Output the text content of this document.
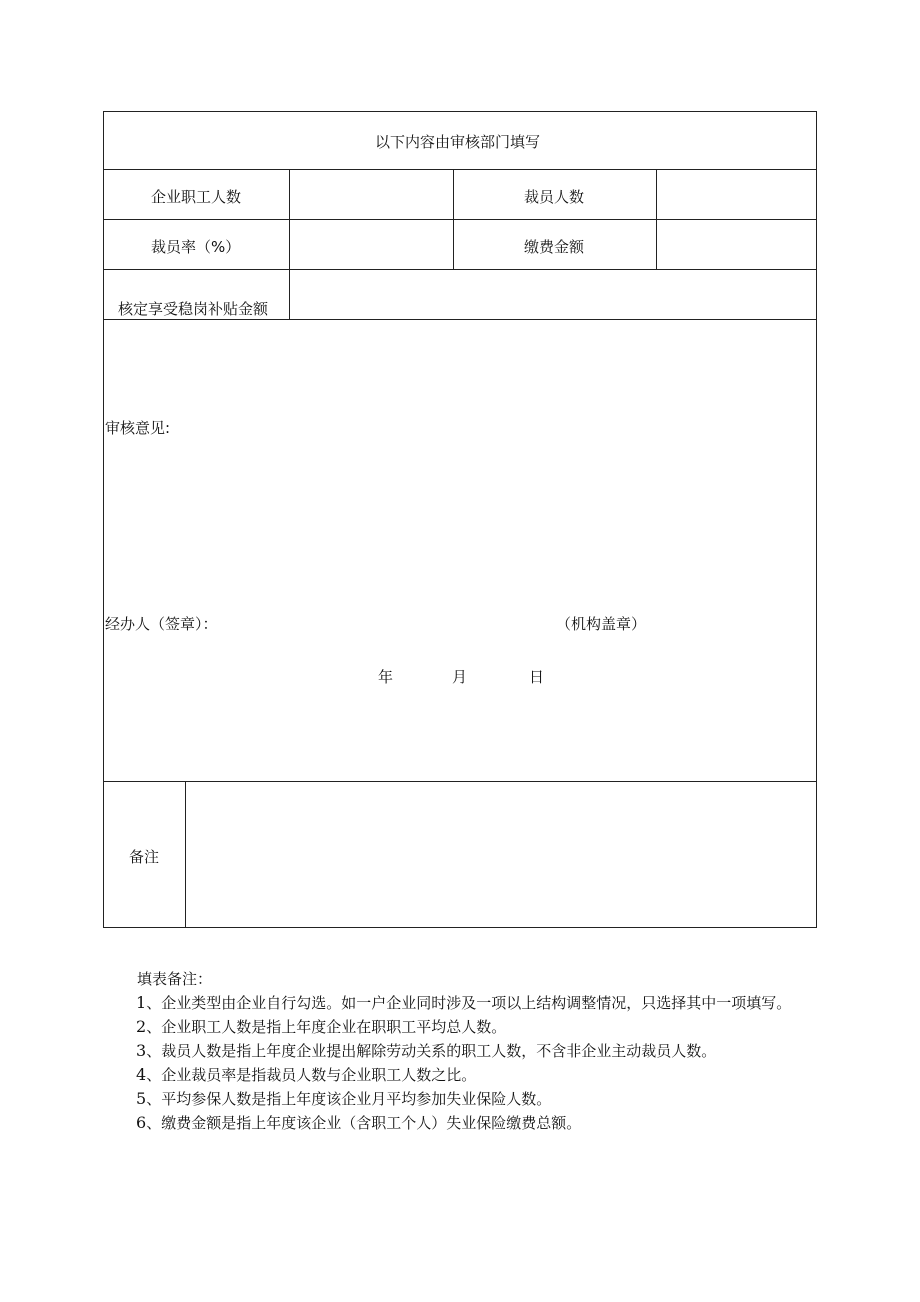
以下内容由审核部门填写
企业职工人数	裁员人数
裁员率（%）	缴费金额
核定享受稳岗补贴金额
审核意见:
经办人（签章）：	（机构盖章）
年	月	日
备注
填表备注：
1、企业类型由企业自行勾选。如一户企业同时涉及一项以上结构调整情况，只选择其中一项填写。
2、企业职工人数是指上年度企业在职职工平均总人数。
3、裁员人数是指上年度企业提出解除劳动关系的职工人数，不含非企业主动裁员人数。
4、企业裁员率是指裁员人数与企业职工人数之比。
5、平均参保人数是指上年度该企业月平均参加失业保险人数。
6、缴费金额是指上年度该企业（含职工个人）失业保险缴费总额。
